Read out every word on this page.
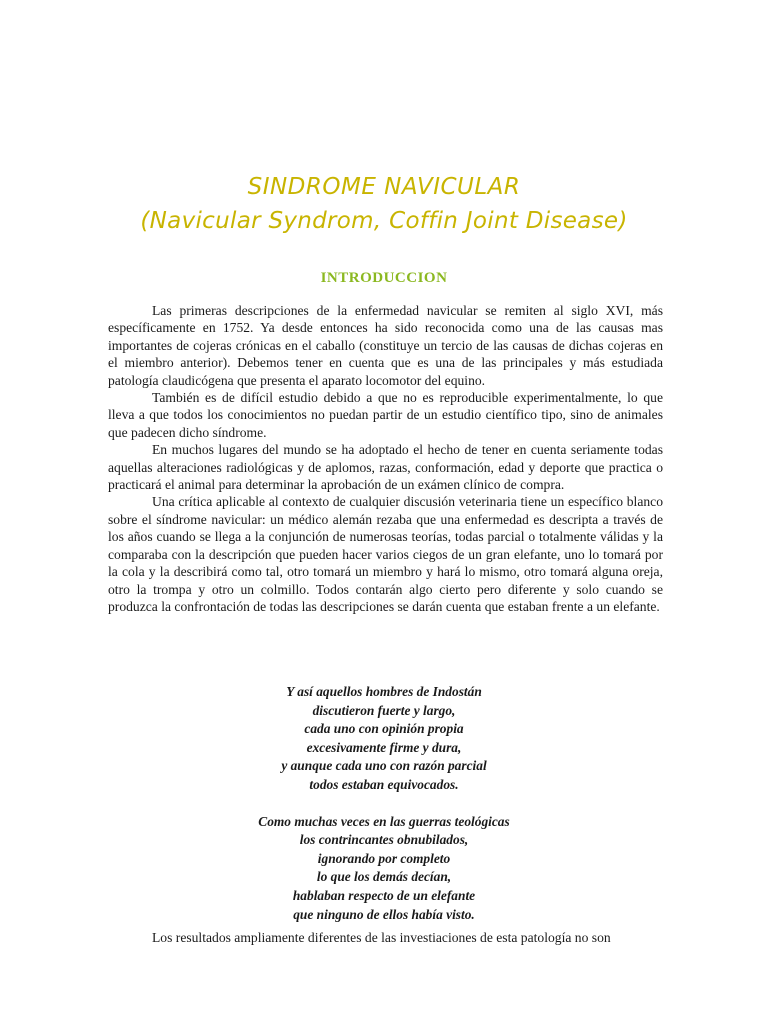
SINDROME NAVICULAR
(Navicular Syndrom, Coffin Joint Disease)
INTRODUCCION

Las primeras descripciones de la enfermedad navicular se remiten al siglo XVI, más específicamente en 1752. Ya desde entonces ha sido reconocida como una de las causas mas importantes de cojeras crónicas en el caballo (constituye un tercio de las causas de dichas cojeras en el miembro anterior). Debemos tener en cuenta que es una de las principales y más estudiada patología claudicógena que presenta el aparato locomotor del equino.

También es de difícil estudio debido a que no es reproducible experimentalmente, lo que lleva a que todos los conocimientos no puedan partir de un estudio científico tipo, sino de animales que padecen dicho síndrome.

En muchos lugares del mundo se ha adoptado el hecho de tener en cuenta seriamente todas aquellas alteraciones radiológicas y de aplomos, razas, conformación, edad y deporte que practica o practicará el animal para determinar la aprobación de un exámen clínico de compra.

Una crítica aplicable al contexto de cualquier discusión veterinaria tiene un específico blanco sobre el síndrome navicular: un médico alemán rezaba que una enfermedad es descripta a través de los años cuando se llega a la conjunción de numerosas teorías, todas parcial o totalmente válidas y la comparaba con la descripción que pueden hacer varios ciegos de un gran elefante, uno lo tomará por la cola y la describirá como tal, otro tomará un miembro y hará lo mismo, otro tomará alguna oreja, otro la trompa y otro un colmillo. Todos contarán algo cierto pero diferente y solo cuando se produzca la confrontación de todas las descripciones se darán cuenta que estaban frente a un elefante.

Y así aquellos hombres de Indostán
discutieron fuerte y largo,
cada uno con opinión propia
excesivamente firme y dura,
y aunque cada uno con razón parcial
todos estaban equivocados.
Como muchas veces en las guerras teológicas
los contrincantes obnubilados,
ignorando por completo
lo que los demás decían,
hablaban respecto de un elefante
que ninguno de ellos había visto.

Los resultados ampliamente diferentes de las investiaciones de esta patología no son
